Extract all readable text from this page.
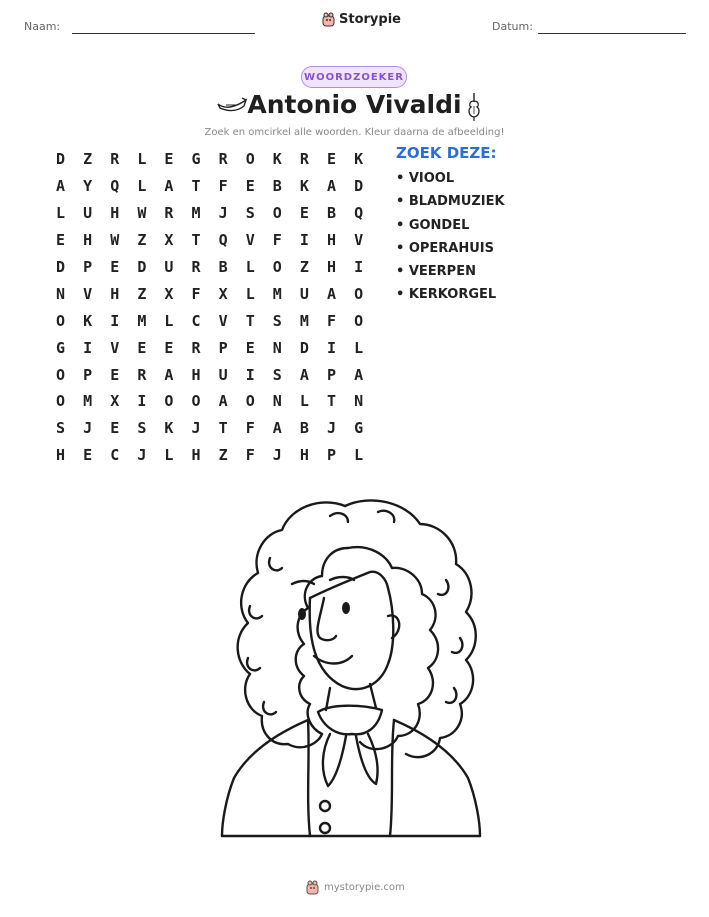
Naam:	Storypie	Datum:
WOORDZOEKER
Antonio Vivaldi
Zoek en omcirkel alle woorden. Kleur daarna de afbeelding!
D	Z	R	L	E	G	R	O	K	R	E	K
A	Y	Q	L	A	T	F	E	B	K	A	D
L	U	H	W	R	M	J	S	O	E	B	Q
E	H	W	Z	X	T	Q	V	F	I	H	V
D	P	E	D	U	R	B	L	O	Z	H	I
N	V	H	Z	X	F	X	L	M	U	A	O
O	K	I	M	L	C	V	T	S	M	F	O
G	I	V	E	E	R	P	E	N	D	I	L
O	P	E	R	A	H	U	I	S	A	P	A
O	M	X	I	O	O	A	O	N	L	T	N
S	J	E	S	K	J	T	F	A	B	J	G
H	E	C	J	L	H	Z	F	J	H	P	L
ZOEK DEZE:
• VIOOL
• BLADMUZIEK
• GONDEL
• OPERAHUIS
• VEERPEN
• KERKORGEL
mystorypie.com
